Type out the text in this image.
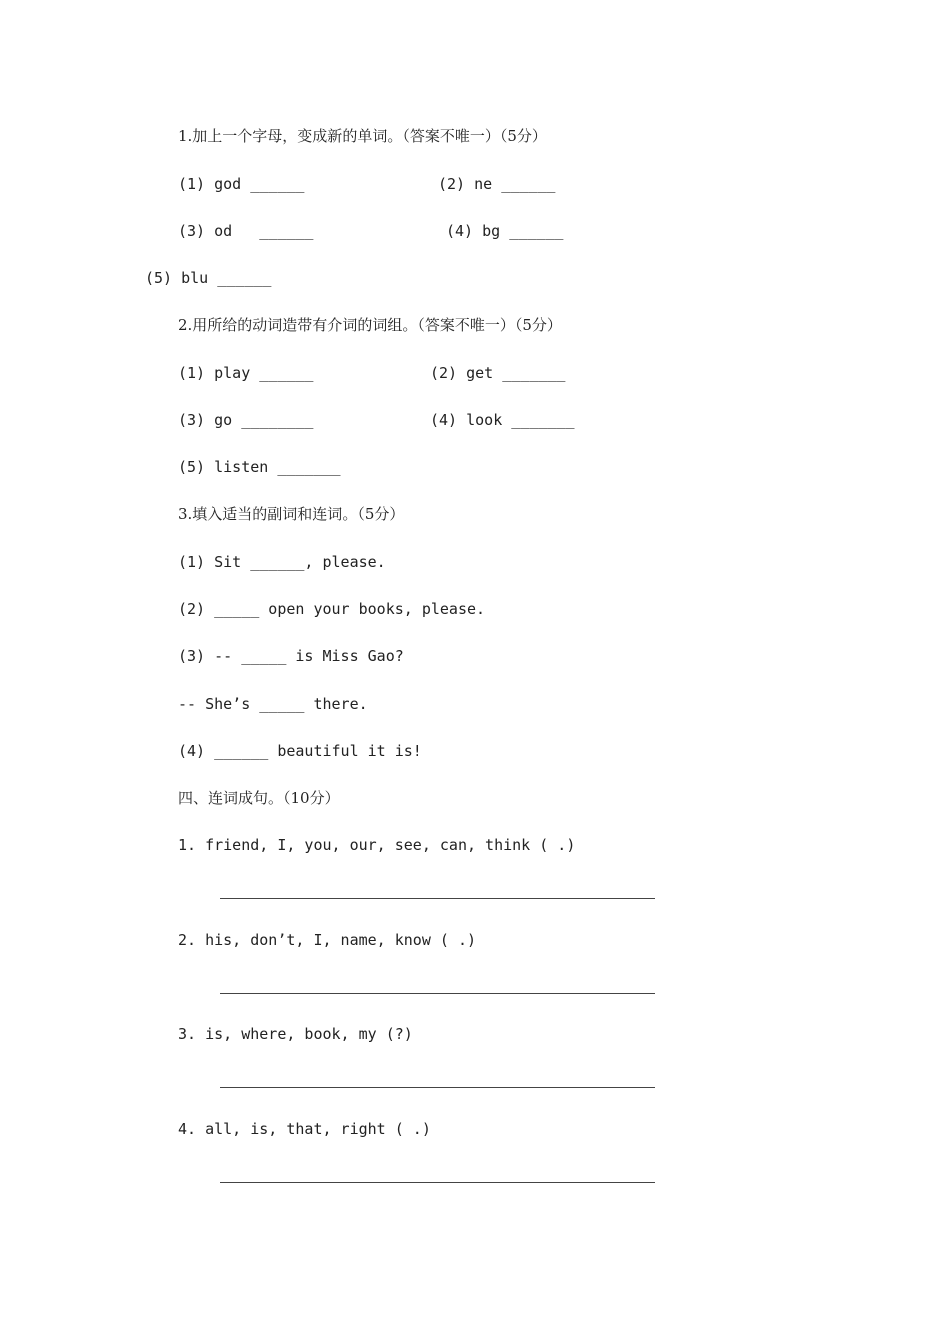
1.加上一个字母，变成新的单词。（答案不唯一）（5分）
(1) god ______	(2) ne ______
(3) od   ______	(4) bg ______
(5) blu ______
2.用所给的动词造带有介词的词组。（答案不唯一）（5分）
(1) play ______	(2) get _______
(3) go ________	(4) look _______
(5) listen _______
3.填入适当的副词和连词。（5分）
(1) Sit ______, please.
(2) _____ open your books, please.
(3) -- _____ is Miss Gao?
-- She’s _____ there.
(4) ______ beautiful it is!
四、连词成句。（10分）
1. friend, I, you, our, see, can, think ( .)
2. his, don’t, I, name, know ( .)
3. is, where, book, my (?)
4. all, is, that, right ( .)
